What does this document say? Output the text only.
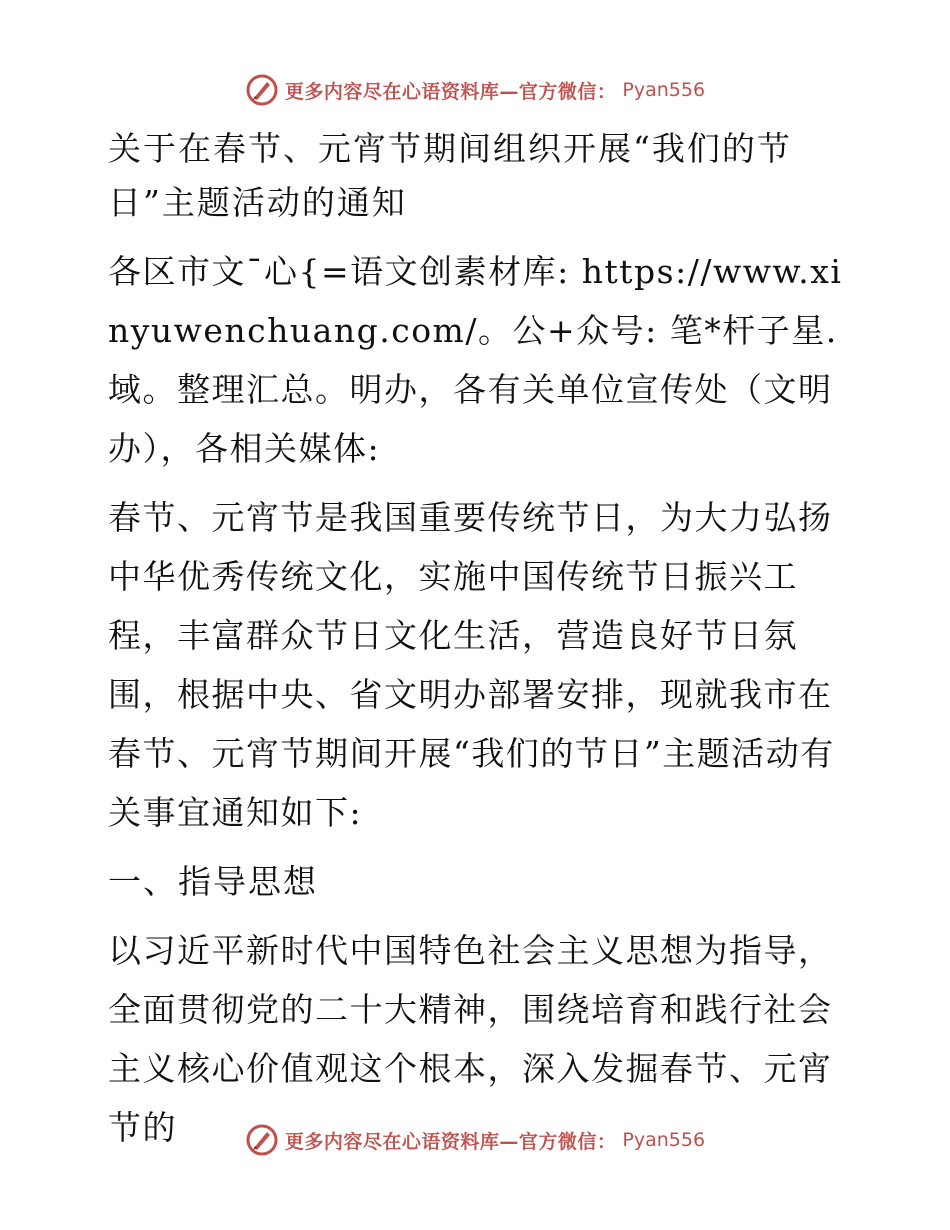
更多内容尽在心语资料库—官方微信： Pyan556
关于在春节、元宵节期间组织开展“我们的节日”主题活动的通知

各区市文¯心{=语文创素材库: https://www.xinyuwenchuang.com/。公+众号: 笔*杆子星.域。整理汇总。明办，各有关单位宣传处（文明办），各相关媒体:

春节、元宵节是我国重要传统节日，为大力弘扬中华优秀传统文化，实施中国传统节日振兴工程，丰富群众节日文化生活，营造良好节日氛围，根据中央、省文明办部署安排，现就我市在春节、元宵节期间开展“我们的节日”主题活动有关事宜通知如下:

一、指导思想

以习近平新时代中国特色社会主义思想为指导，全面贯彻党的二十大精神，围绕培育和践行社会主义核心价值观这个根本，深入发掘春节、元宵节的	更多内容尽在心语资料库—官方微信： Pyan556
